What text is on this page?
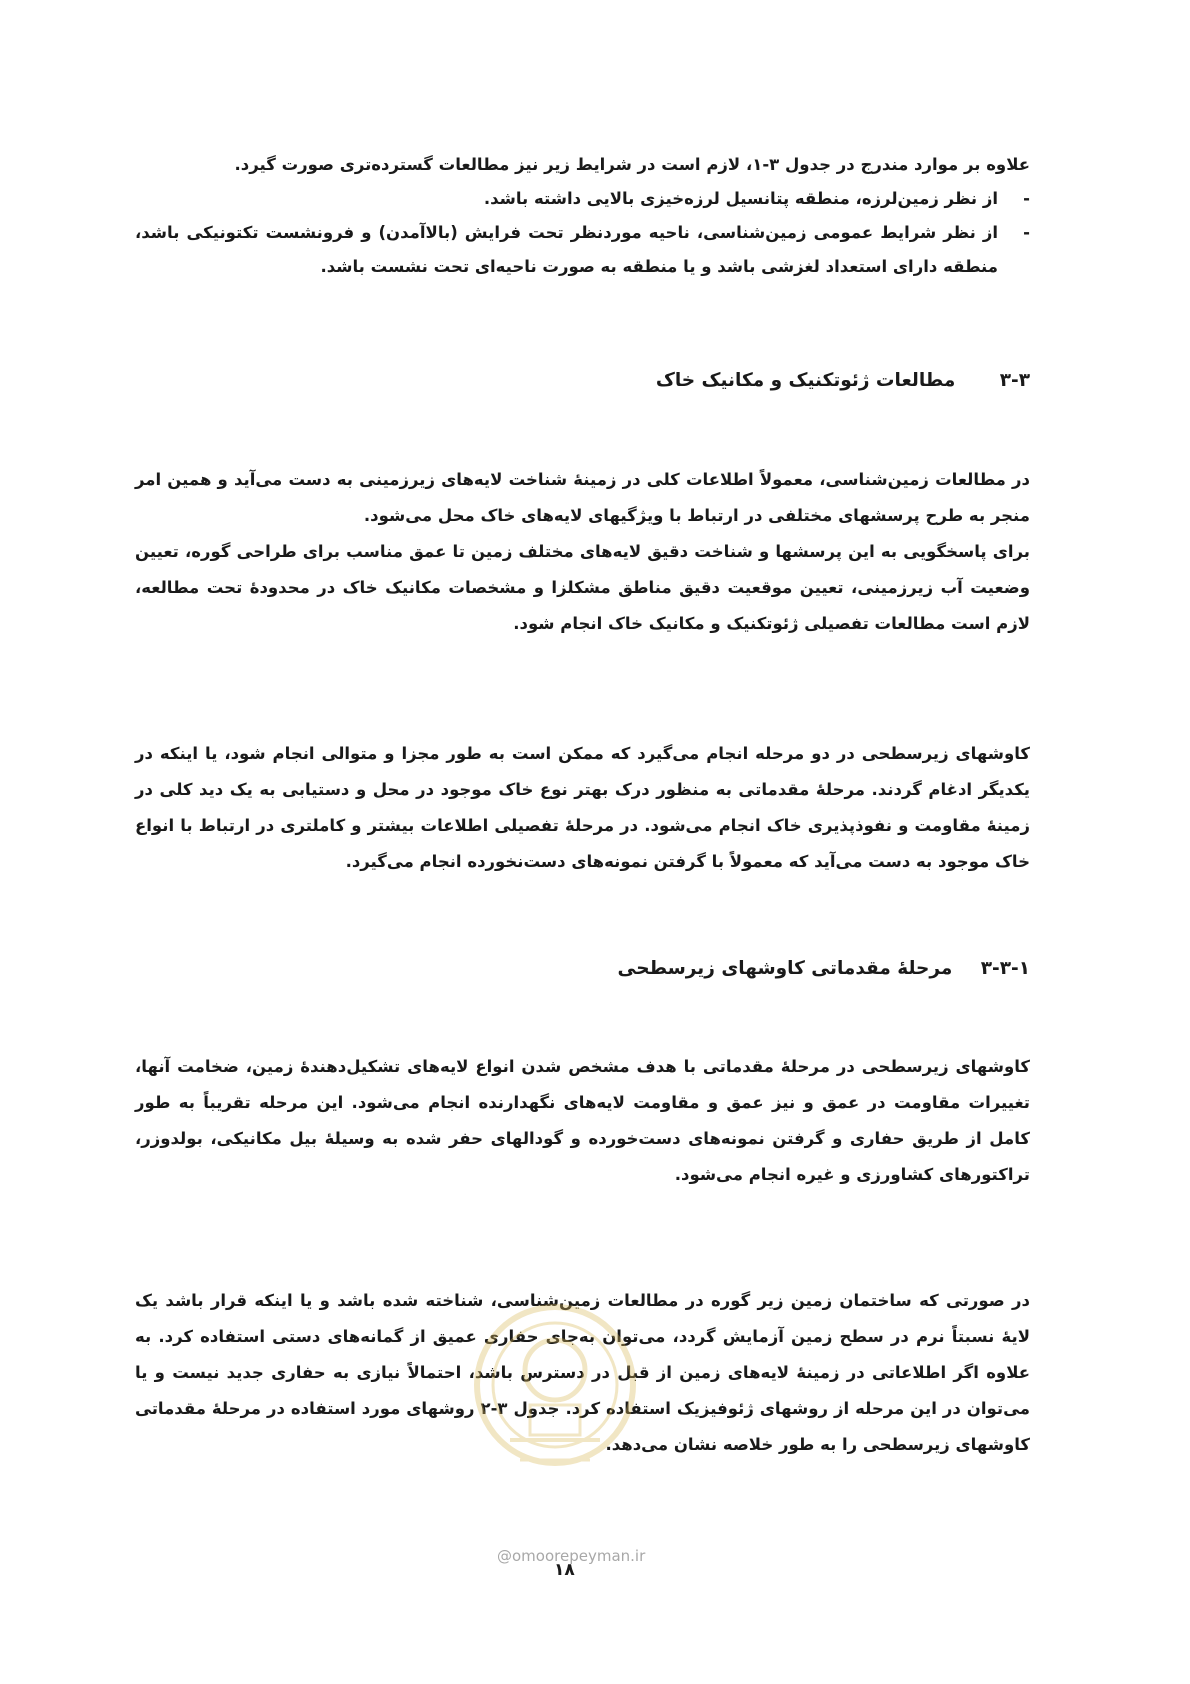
علاوه بر موارد مندرج در جدول ۳-۱، لازم است در شرایط زیر نیز مطالعات گسترده‌تری صورت گیرد.
-
از نظر زمین‌لرزه، منطقه پتانسیل لرزه‌خیزی بالایی داشته باشد.
-
از نظر شرایط عمومی زمین‌شناسی، ناحیه موردنظر تحت فرایش (بالاآمدن) و فرونشست تکتونیکی باشد، منطقه دارای استعداد لغزشی باشد و یا منطقه به صورت ناحیه‌ای تحت نشست باشد.
۳-۳ مطالعات ژئوتکنیک و مکانیک خاک
در مطالعات زمین‌شناسی، معمولاً اطلاعات کلی در زمینهٔ شناخت لایه‌های زیرزمینی به دست می‌آید و همین امر منجر به طرح پرسشهای مختلفی در ارتباط با ویژگیهای لایه‌های خاک محل می‌شود.
برای پاسخگویی به این پرسشها و شناخت دقیق لایه‌های مختلف زمین تا عمق مناسب برای طراحی گوره، تعیین وضعیت آب زیرزمینی، تعیین موقعیت دقیق مناطق مشکلزا و مشخصات مکانیک خاک در محدودهٔ تحت مطالعه، لازم است مطالعات تفصیلی ژئوتکنیک و مکانیک خاک انجام شود.
کاوشهای زیرسطحی در دو مرحله انجام می‌گیرد که ممکن است به طور مجزا و متوالی انجام شود، یا اینکه در یکدیگر ادغام گردند. مرحلهٔ مقدماتی به منظور درک بهتر نوع خاک موجود در محل و دستیابی به یک دید کلی در زمینهٔ مقاومت و نفوذپذیری خاک انجام می‌شود. در مرحلهٔ تفصیلی اطلاعات بیشتر و کاملتری در ارتباط با انواع خاک موجود به دست می‌آید که معمولاً با گرفتن نمونه‌های دست‌نخورده انجام می‌گیرد.
۳-۳-۱ مرحلهٔ مقدماتی کاوشهای زیرسطحی
کاوشهای زیرسطحی در مرحلهٔ مقدماتی با هدف مشخص شدن انواع لایه‌های تشکیل‌دهندهٔ زمین، ضخامت آنها، تغییرات مقاومت در عمق و نیز عمق و مقاومت لایه‌های نگهدارنده انجام می‌شود. این مرحله تقریباً به طور کامل از طریق حفاری و گرفتن نمونه‌های دست‌خورده و گودالهای حفر شده به وسیلهٔ بیل مکانیکی، بولدوزر، تراکتورهای کشاورزی و غیره انجام می‌شود.
در صورتی که ساختمان زمین زیر گوره در مطالعات زمین‌شناسی، شناخته شده باشد و یا اینکه قرار باشد یک لایهٔ نسبتاً نرم در سطح زمین آزمایش گردد، می‌توان به‌جای حفاری عمیق از گمانه‌های دستی استفاده کرد. به علاوه اگر اطلاعاتی در زمینهٔ لایه‌های زمین از قبل در دسترس باشد، احتمالاً نیازی به حفاری جدید نیست و یا می‌توان در این مرحله از روشهای ژئوفیزیک استفاده کرد. جدول ۳-۲ روشهای مورد استفاده در مرحلهٔ مقدماتی کاوشهای زیرسطحی را به طور خلاصه نشان می‌دهد.
@omoorepeyman.ir
۱۸
